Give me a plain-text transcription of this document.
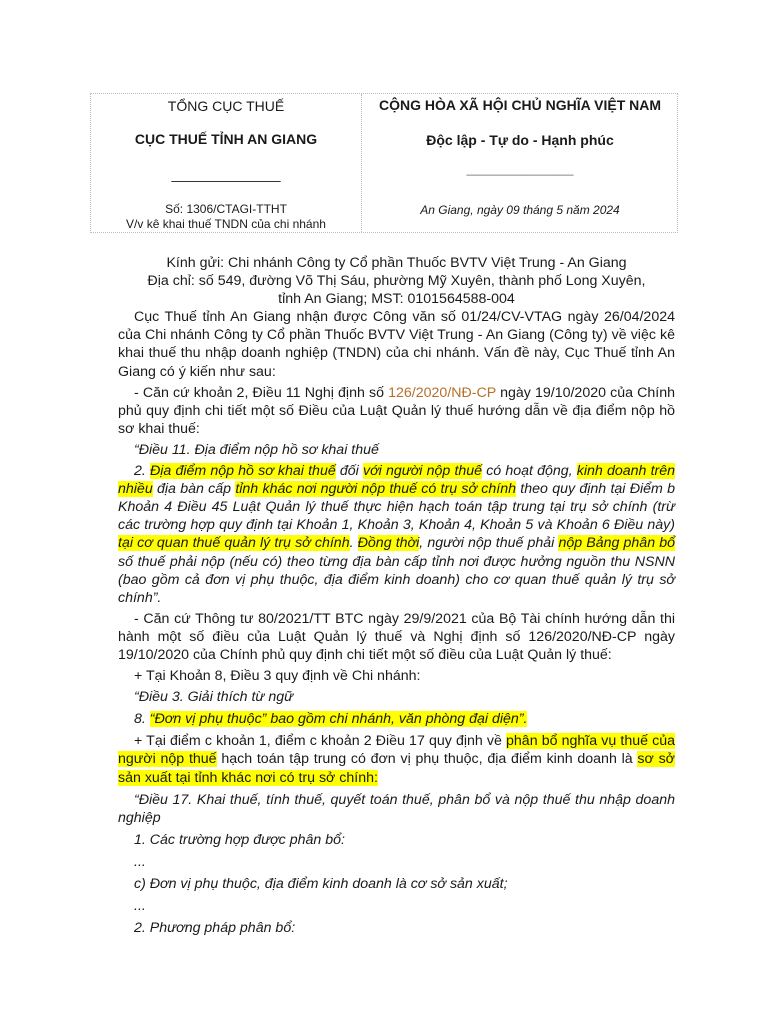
TỔNG CỤC THUẾ
CỤC THUẾ TỈNH AN GIANG
______________
Số: 1306/CTAGI-TTHT
V/v kê khai thuế TNDN của chi nhánh
CỘNG HÒA XÃ HỘI CHỦ NGHĨA VIỆT NAM
Độc lập - Tự do - Hạnh phúc
________________
An Giang, ngày 09 tháng 5 năm 2024

Kính gửi: Chi nhánh Công ty Cổ phần Thuốc BVTV Việt Trung - An Giang

Địa chỉ: số 549, đường Võ Thị Sáu, phường Mỹ Xuyên, thành phố Long Xuyên,

tỉnh An Giang; MST: 0101564588-004

Cục Thuế tỉnh An Giang nhận được Công văn số 01/24/CV-VTAG ngày 26/04/2024 của Chi nhánh Công ty Cổ phần Thuốc BVTV Việt Trung - An Giang (Công ty) về việc kê khai thuế thu nhập doanh nghiệp (TNDN) của chi nhánh. Vấn đề này, Cục Thuế tỉnh An Giang có ý kiến như sau:

- Căn cứ khoản 2, Điều 11 Nghị định số 126/2020/NĐ-CP ngày 19/10/2020 của Chính phủ quy định chi tiết một số Điều của Luật Quản lý thuế hướng dẫn về địa điểm nộp hồ sơ khai thuế:

“Điều 11. Địa điểm nộp hồ sơ khai thuế

2. Địa điểm nộp hồ sơ khai thuế đối với người nộp thuế có hoạt động, kinh doanh trên nhiều địa bàn cấp tỉnh khác nơi người nộp thuế có trụ sở chính theo quy định tại Điểm b Khoản 4 Điều 45 Luật Quản lý thuế thực hiện hạch toán tập trung tại trụ sở chính (trừ các trường hợp quy định tại Khoản 1, Khoản 3, Khoản 4, Khoản 5 và Khoản 6 Điều này) tại cơ quan thuế quản lý trụ sở chính. Đồng thời, người nộp thuế phải nộp Bảng phân bổ số thuế phải nộp (nếu có) theo từng địa bàn cấp tỉnh nơi được hưởng nguồn thu NSNN (bao gồm cả đơn vị phụ thuộc, địa điểm kinh doanh) cho cơ quan thuế quản lý trụ sở chính”.

- Căn cứ Thông tư 80/2021/TT BTC ngày 29/9/2021 của Bộ Tài chính hướng dẫn thi hành một số điều của Luật Quản lý thuế và Nghị định số 126/2020/NĐ-CP ngày 19/10/2020 của Chính phủ quy định chi tiết một số điều của Luật Quản lý thuế:

+ Tại Khoản 8, Điều 3 quy định về Chi nhánh:

“Điều 3. Giải thích từ ngữ

8. “Đơn vị phụ thuộc” bao gồm chi nhánh, văn phòng đại diện”.

+ Tại điểm c khoản 1, điểm c khoản 2 Điều 17 quy định về phân bổ nghĩa vụ thuế của người nộp thuế hạch toán tập trung có đơn vị phụ thuộc, địa điểm kinh doanh là sơ sở sản xuất tại tỉnh khác nơi có trụ sở chính:

“Điều 17. Khai thuế, tính thuế, quyết toán thuế, phân bổ và nộp thuế thu nhập doanh nghiệp

1. Các trường hợp được phân bổ:

...

c) Đơn vị phụ thuộc, địa điểm kinh doanh là cơ sở sản xuất;

...

2. Phương pháp phân bổ:
